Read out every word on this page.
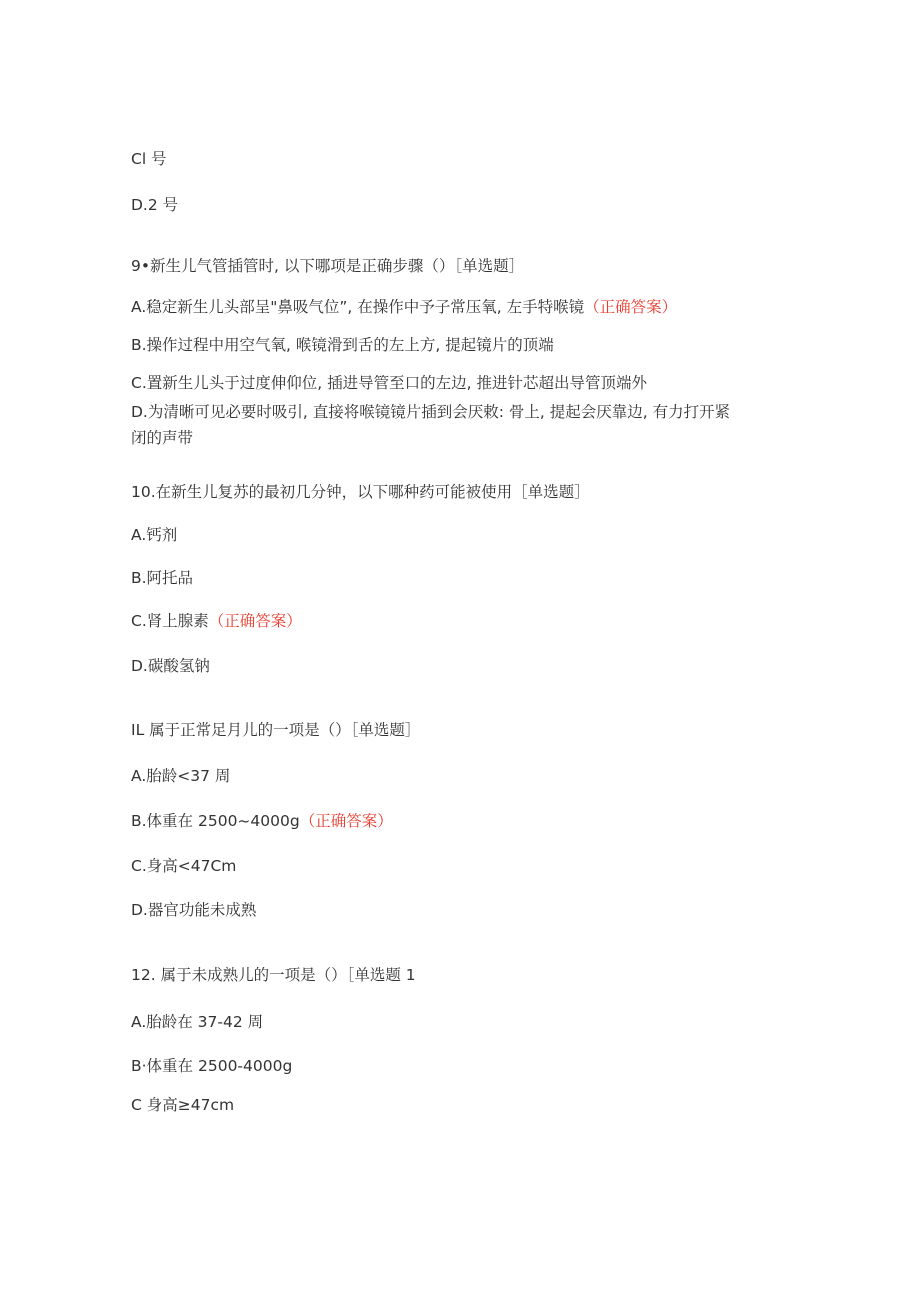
Cl 号
D.2 号
9•新生儿气管插管时, 以下哪项是正确步骤（）［单选题］
A.稳定新生儿头部呈"鼻吸气位”, 在操作中予子常压氧, 左手特喉镜（正确答案）
B.操作过程中用空气氧, 喉镜滑到舌的左上方, 提起镜片的顶端
C.置新生儿头于过度伸仰位, 插进导管至口的左边, 推进针芯超出导管顶端外
D.为清晰可见必要时吸引, 直接将喉镜镜片插到会厌敕: 骨上, 提起会厌靠边, 有力打开紧
闭的声带
10.在新生儿复苏的最初几分钟，以下哪种药可能被使用［单选题］
A.钙剂
B.阿托品
C.肾上腺素（正确答案）
D.碳酸氢钠
IL 属于正常足月儿的一项是（）［单选题］
A.胎龄<37 周
B.体重在 2500~4000g（正确答案）
C.身高<47Cm
D.器官功能未成熟
12. 属于未成熟儿的一项是（）［单选题 1
A.胎龄在 37-42 周
B·体重在 2500-4000g
C 身高≥47cm
